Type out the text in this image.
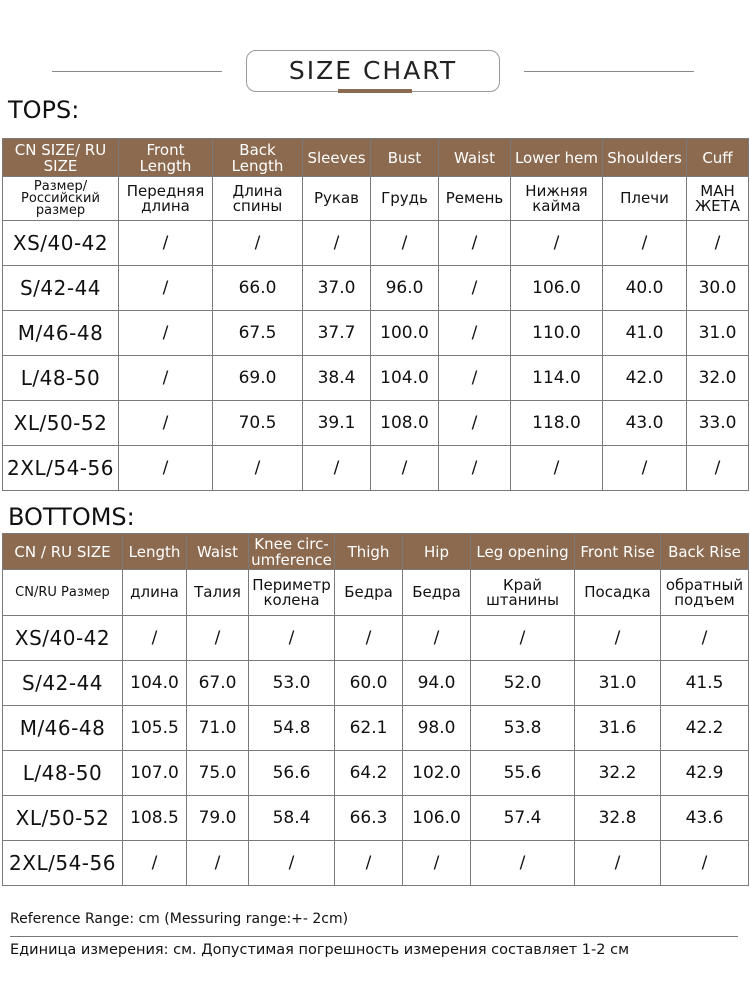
SIZE CHART
TOPS:
CN SIZE/ RU SIZE	Front Length	Back Length	Sleeves	Bust	Waist	Lower hem	Shoulders	Cuff
Размер/ Российский размер	Передняя длина	Длина спины	Рукав	Грудь	Ремень	Нижняя кайма	Плечи	МАН ЖЕТА
XS/40-42	/	/	/	/	/	/	/	/
S/42-44	/	66.0	37.0	96.0	/	106.0	40.0	30.0
M/46-48	/	67.5	37.7	100.0	/	110.0	41.0	31.0
L/48-50	/	69.0	38.4	104.0	/	114.0	42.0	32.0
XL/50-52	/	70.5	39.1	108.0	/	118.0	43.0	33.0
2XL/54-56	/	/	/	/	/	/	/	/
BOTTOMS:
CN / RU SIZE	Length	Waist	Knee circ- umference	Thigh	Hip	Leg opening	Front Rise	Back Rise
CN/RU Размер	длина	Талия	Периметр колена	Бедра	Бедра	Край штанины	Посадка	обратный подъем
XS/40-42	/	/	/	/	/	/	/	/
S/42-44	104.0	67.0	53.0	60.0	94.0	52.0	31.0	41.5
M/46-48	105.5	71.0	54.8	62.1	98.0	53.8	31.6	42.2
L/48-50	107.0	75.0	56.6	64.2	102.0	55.6	32.2	42.9
XL/50-52	108.5	79.0	58.4	66.3	106.0	57.4	32.8	43.6
2XL/54-56	/	/	/	/	/	/	/	/
Reference Range: cm (Messuring range:+- 2cm)
Единица измерения: см. Допустимая погрешность измерения составляет 1-2 см
